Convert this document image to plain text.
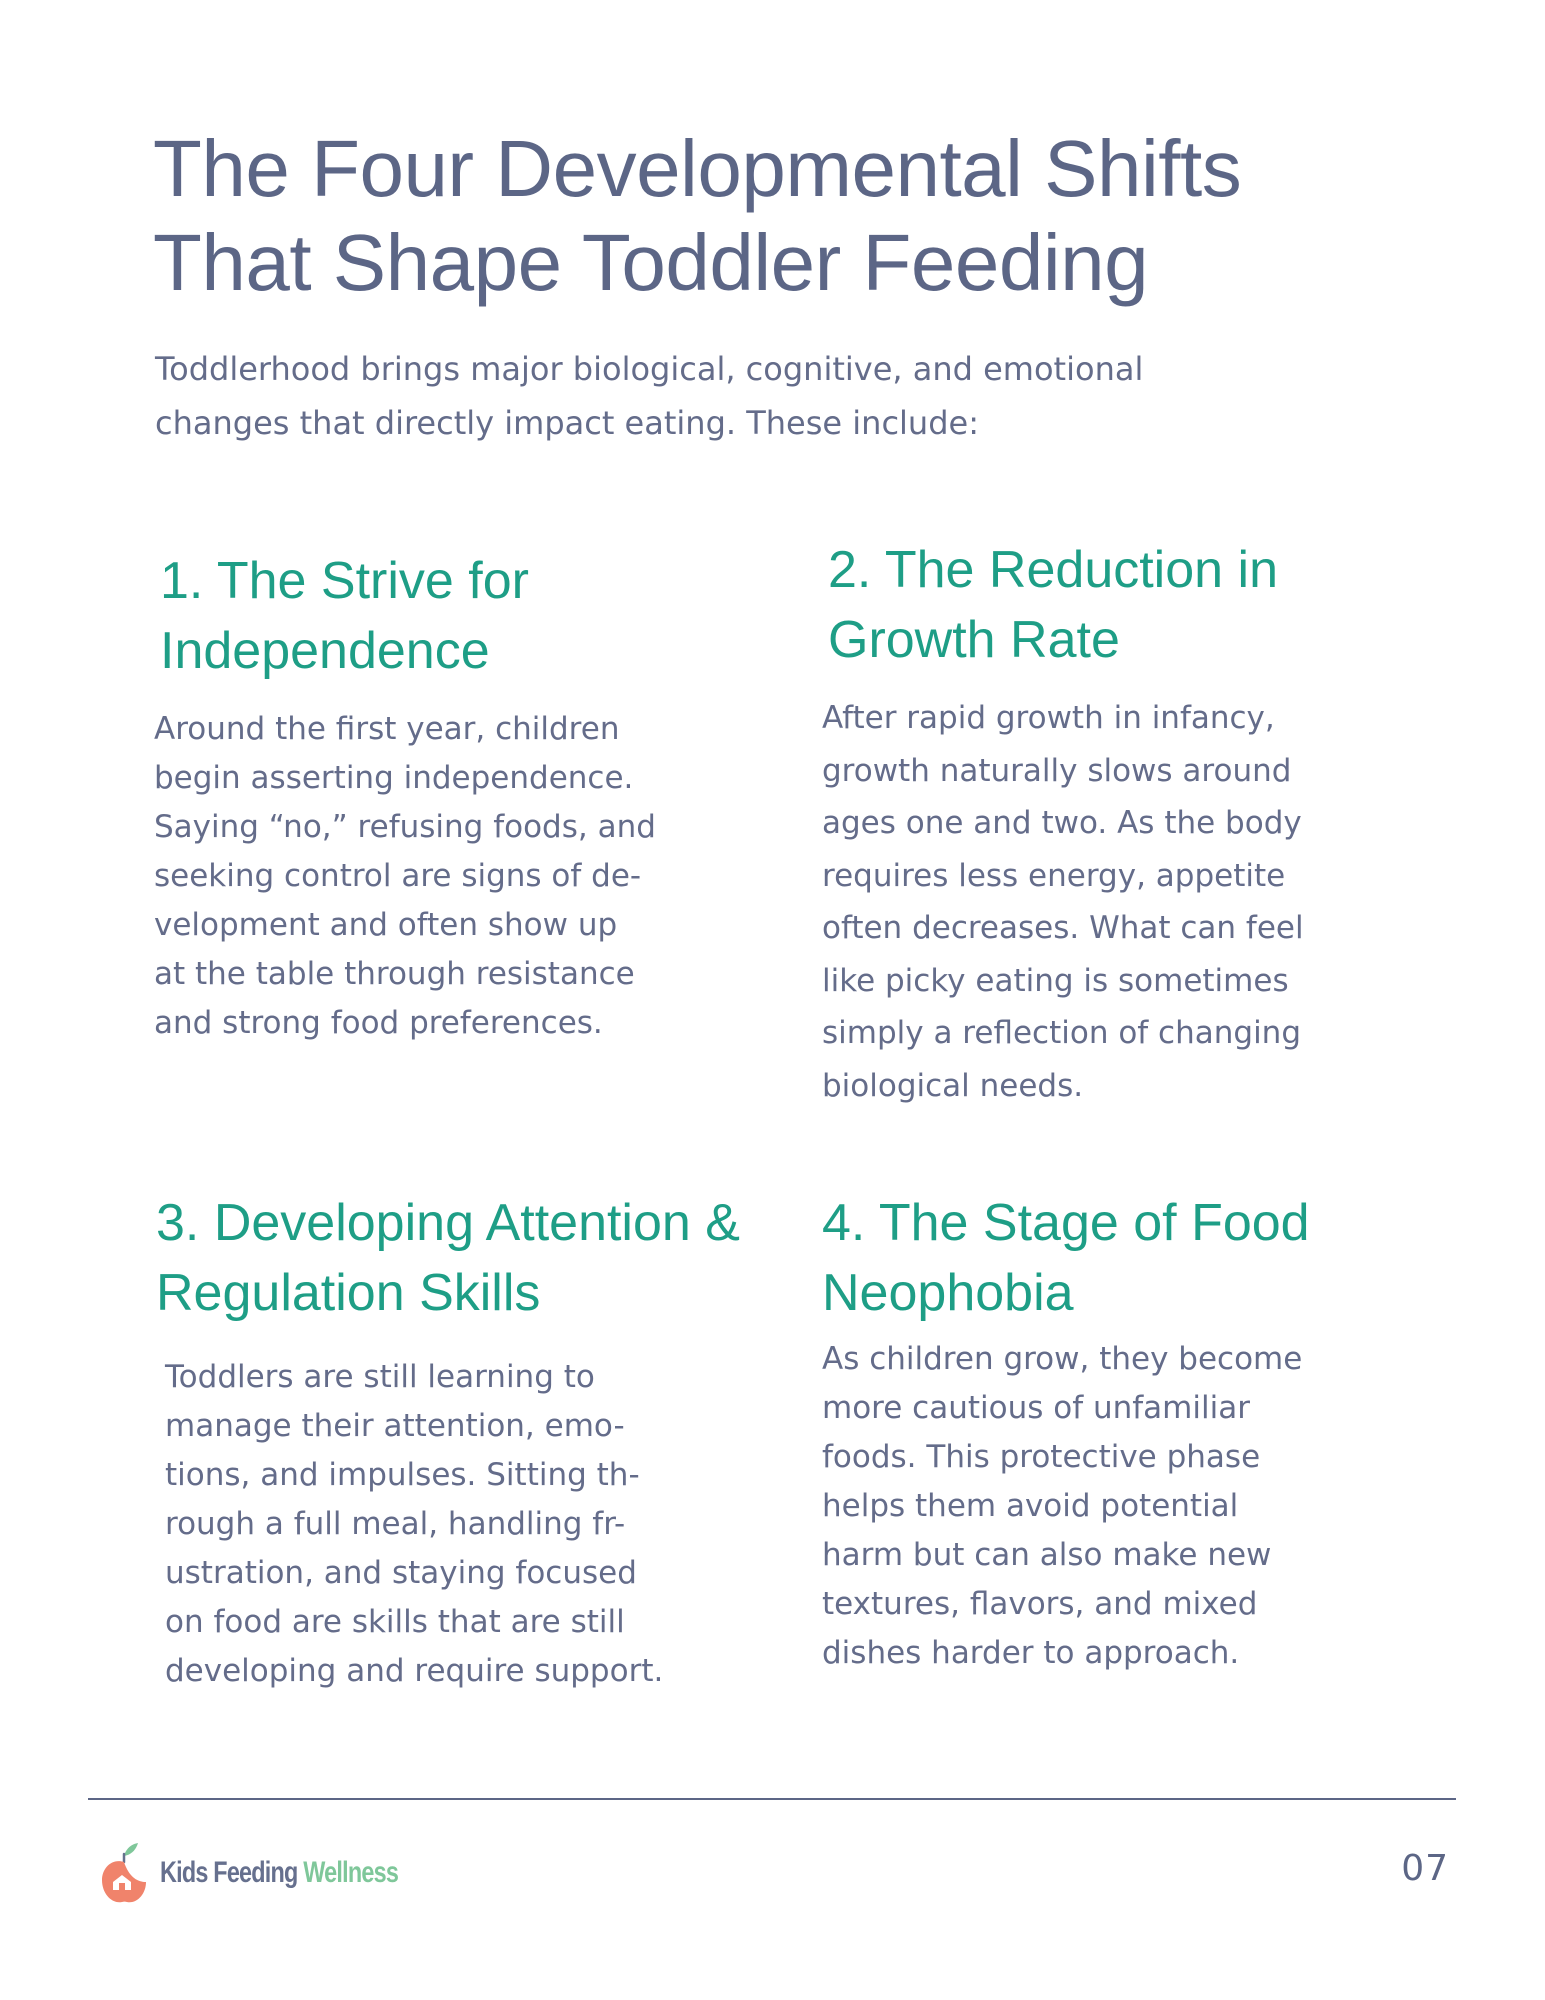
The Four Developmental Shifts
That Shape Toddler Feeding
Toddlerhood brings major biological, cognitive, and emotional
changes that directly impact eating. These include:
1. The Strive for
Independence
Around the first year, children
begin asserting independence.
Saying “no,” refusing foods, and
seeking control are signs of de-
velopment and often show up
at the table through resistance
and strong food preferences.
2. The Reduction in
Growth Rate
After rapid growth in infancy,
growth naturally slows around
ages one and two. As the body
requires less energy, appetite
often decreases. What can feel
like picky eating is sometimes
simply a reflection of changing
biological needs.
3. Developing Attention &
Regulation Skills
Toddlers are still learning to
manage their attention, emo-
tions, and impulses. Sitting th-
rough a full meal, handling fr-
ustration, and staying focused
on food are skills that are still
developing and require support.
4. The Stage of Food
Neophobia
As children grow, they become
more cautious of unfamiliar
foods. This protective phase
helps them avoid potential
harm but can also make new
textures, flavors, and mixed
dishes harder to approach.
Kids Feeding Wellness	07
